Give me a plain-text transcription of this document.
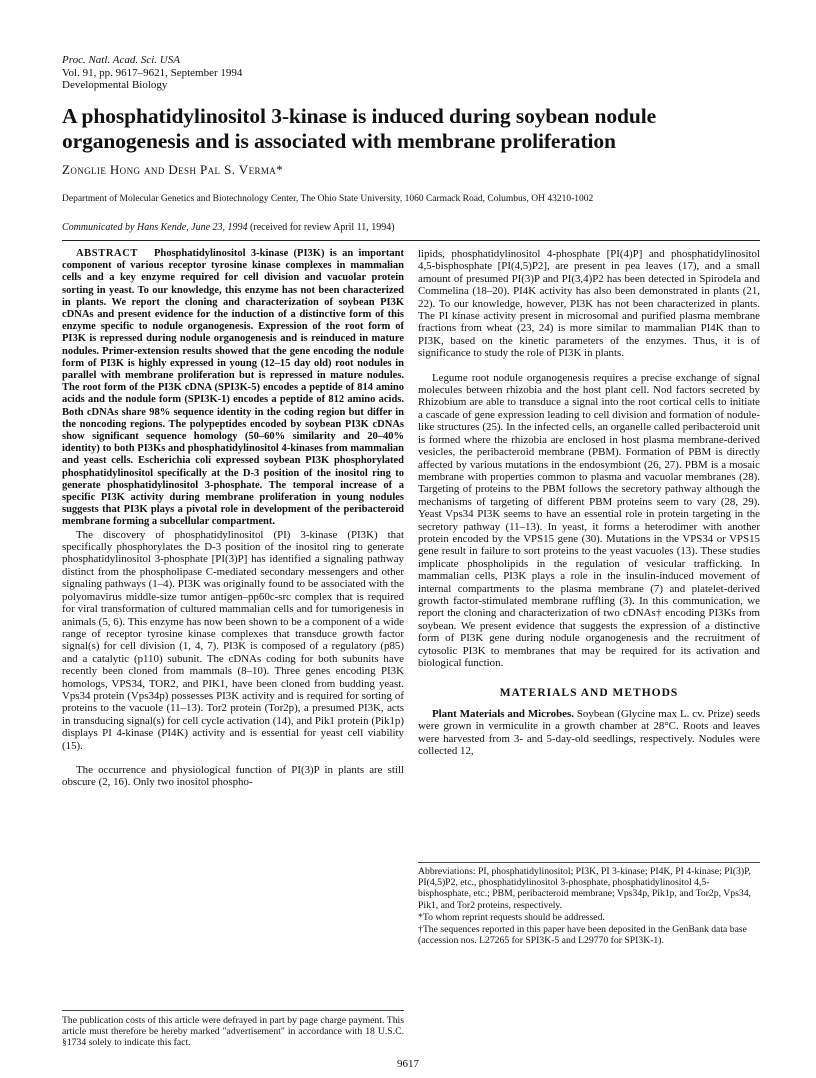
Proc. Natl. Acad. Sci. USA
Vol. 91, pp. 9617–9621, September 1994
Developmental Biology
A phosphatidylinositol 3-kinase is induced during soybean nodule
organogenesis and is associated with membrane proliferation
Zonglie Hong and Desh Pal S. Verma*
Department of Molecular Genetics and Biotechnology Center, The Ohio State University, 1060 Carmack Road, Columbus, OH 43210-1002
Communicated by Hans Kende, June 23, 1994 (received for review April 11, 1994)

ABSTRACT Phosphatidylinositol 3-kinase (PI3K) is an important component of various receptor tyrosine kinase complexes in mammalian cells and a key enzyme required for cell division and vacuolar protein sorting in yeast. To our knowledge, this enzyme has not been characterized in plants. We report the cloning and characterization of soybean PI3K cDNAs and present evidence for the induction of a distinctive form of this enzyme specific to nodule organogenesis. Expression of the root form of PI3K is repressed during nodule organogenesis and is reinduced in mature nodules. Primer-extension results showed that the gene encoding the nodule form of PI3K is highly expressed in young (12–15 day old) root nodules in parallel with membrane proliferation but is repressed in mature nodules. The root form of the PI3K cDNA (SPI3K-5) encodes a peptide of 814 amino acids and the nodule form (SPI3K-1) encodes a peptide of 812 amino acids. Both cDNAs share 98% sequence identity in the coding region but differ in the noncoding regions. The polypeptides encoded by soybean PI3K cDNAs show significant sequence homology (50–60% similarity and 20–40% identity) to both PI3Ks and phosphatidylinositol 4-kinases from mammalian and yeast cells. Escherichia coli expressed soybean PI3K phosphorylated phosphatidylinositol specifically at the D-3 position of the inositol ring to generate phosphatidylinositol 3-phosphate. The temporal increase of a specific PI3K activity during membrane proliferation in young nodules suggests that PI3K plays a pivotal role in development of the peribacteroid membrane forming a subcellular compartment.

The discovery of phosphatidylinositol (PI) 3-kinase (PI3K) that specifically phosphorylates the D-3 position of the inositol ring to generate phosphatidylinositol 3-phosphate [PI(3)P] has identified a signaling pathway distinct from the phospholipase C-mediated secondary messengers and other signaling pathways (1–4). PI3K was originally found to be associated with the polyomavirus middle-size tumor antigen–pp60c-src complex that is required for viral transformation of cultured mammalian cells and for tumorigenesis in animals (5, 6). This enzyme has now been shown to be a component of a wide range of receptor tyrosine kinase complexes that transduce growth factor signal(s) for cell division (1, 4, 7). PI3K is composed of a regulatory (p85) and a catalytic (p110) subunit. The cDNAs coding for both subunits have recently been cloned from mammals (8–10). Three genes encoding PI3K homologs, VPS34, TOR2, and PIK1, have been cloned from budding yeast. Vps34 protein (Vps34p) possesses PI3K activity and is required for sorting of proteins to the vacuole (11–13). Tor2 protein (Tor2p), a presumed PI3K, acts in transducing signal(s) for cell cycle activation (14), and Pik1 protein (Pik1p) displays PI 4-kinase (PI4K) activity and is essential for yeast cell viability (15).

The occurrence and physiological function of PI(3)P in plants are still obscure (2, 16). Only two inositol phospho-

The publication costs of this article were defrayed in part by page charge payment. This article must therefore be hereby marked "advertisement" in accordance with 18 U.S.C. §1734 solely to indicate this fact.

lipids, phosphatidylinositol 4-phosphate [PI(4)P] and phosphatidylinositol 4,5-bisphosphate [PI(4,5)P2], are present in pea leaves (17), and a small amount of presumed PI(3)P and PI(3,4)P2 has been detected in Spirodela and Commelina (18–20). PI4K activity has also been demonstrated in plants (21, 22). To our knowledge, however, PI3K has not been characterized in plants. The PI kinase activity present in microsomal and purified plasma membrane fractions from wheat (23, 24) is more similar to mammalian PI4K than to PI3K, based on the kinetic parameters of the enzymes. Thus, it is of significance to study the role of PI3K in plants.

Legume root nodule organogenesis requires a precise exchange of signal molecules between rhizobia and the host plant cell. Nod factors secreted by Rhizobium are able to transduce a signal into the root cortical cells to initiate a cascade of gene expression leading to cell division and formation of nodule-like structures (25). In the infected cells, an organelle called peribacteroid unit is formed where the rhizobia are enclosed in host plasma membrane-derived vesicles, the peribacteroid membrane (PBM). Formation of PBM is directly affected by various mutations in the endosymbiont (26, 27). PBM is a mosaic membrane with properties common to plasma and vacuolar membranes (28). Targeting of proteins to the PBM follows the secretory pathway although the mechanisms of targeting of different PBM proteins seem to vary (28, 29). Yeast Vps34 PI3K seems to have an essential role in protein targeting in the secretory pathway (11–13). In yeast, it forms a heterodimer with another protein encoded by the VPS15 gene (30). Mutations in the VPS34 or VPS15 gene result in failure to sort proteins to the yeast vacuoles (13). These studies implicate phospholipids in the regulation of vesicular trafficking. In mammalian cells, PI3K plays a role in the insulin-induced movement of internal compartments to the plasma membrane (7) and platelet-derived growth factor-stimulated membrane ruffling (3). In this communication, we report the cloning and characterization of two cDNAs† encoding PI3Ks from soybean. We present evidence that suggests the expression of a distinctive form of PI3K gene during nodule organogenesis and the recruitment of cytosolic PI3K to membranes that may be required for its activation and biological function.

MATERIALS AND METHODS

Plant Materials and Microbes. Soybean (Glycine max L. cv. Prize) seeds were grown in vermiculite in a growth chamber at 28°C. Roots and leaves were harvested from 3- and 5-day-old seedlings, respectively. Nodules were collected 12,

Abbreviations: PI, phosphatidylinositol; PI3K, PI 3-kinase; PI4K, PI 4-kinase; PI(3)P, PI(4,5)P2, etc., phosphatidylinositol 3-phosphate, phosphatidylinositol 4,5-bisphosphate, etc.; PBM, peribacteroid membrane; Vps34p, Pik1p, and Tor2p, Vps34, Pik1, and Tor2 proteins, respectively.

*To whom reprint requests should be addressed.

†The sequences reported in this paper have been deposited in the GenBank data base (accession nos. L27265 for SPI3K-5 and L29770 for SPI3K-1).

9617
